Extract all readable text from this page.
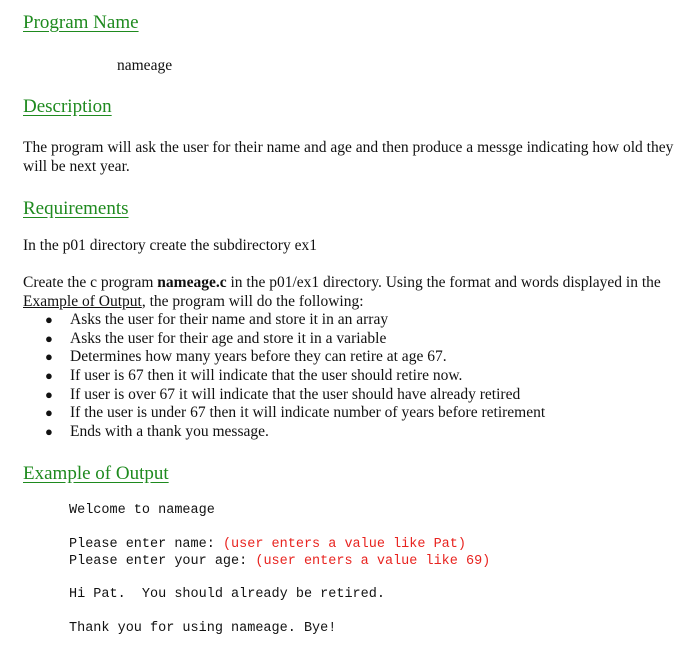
Program Name
nameage
Description
The program will ask the user for their name and age and then produce a messge indicating how old they will be next year.
Requirements
In the p01 directory create the subdirectory ex1
Create the c program nameage.c in the p01/ex1 directory. Using the format and words displayed in the Example of Output, the program will do the following:
● Asks the user for their name and store it in an array
● Asks the user for their age and store it in a variable
● Determines how many years before they can retire at age 67.
● If user is 67 then it will indicate that the user should retire now.
● If user is over 67 it will indicate that the user should have already retired
● If the user is under 67 then it will indicate number of years before retirement
● Ends with a thank you message.
Example of Output
Welcome to nameage
Please enter name: (user enters a value like Pat)
Please enter your age: (user enters a value like 69)
Hi Pat.  You should already be retired.
Thank you for using nameage. Bye!
